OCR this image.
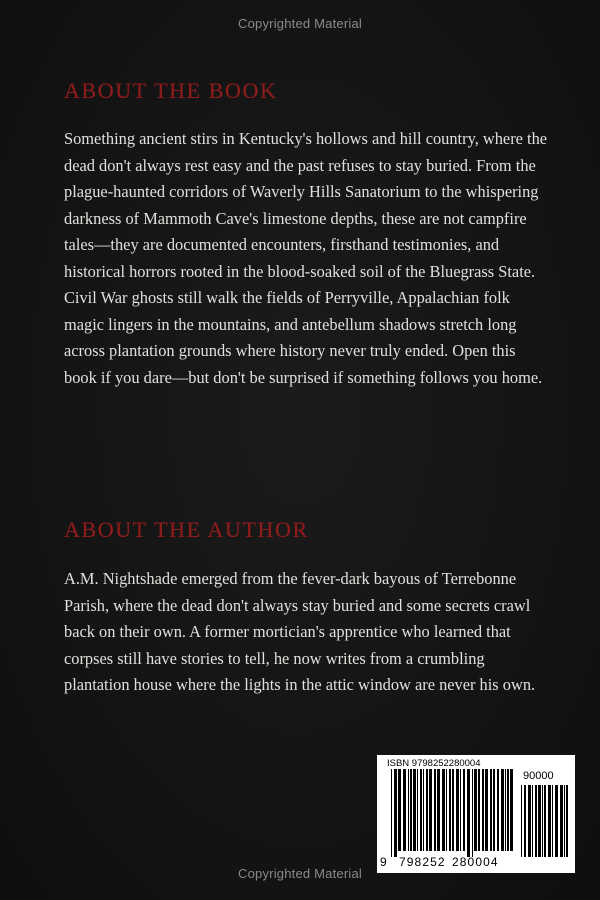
Copyrighted Material
ABOUT THE BOOK

Something ancient stirs in Kentucky's hollows and hill country, where the dead don't always rest easy and the past refuses to stay buried. From the plague-haunted corridors of Waverly Hills Sanatorium to the whispering darkness of Mammoth Cave's limestone depths, these are not campfire tales—they are documented encounters, firsthand testimonies, and historical horrors rooted in the blood-soaked soil of the Bluegrass State. Civil War ghosts still walk the fields of Perryville, Appalachian folk magic lingers in the mountains, and antebellum shadows stretch long across plantation grounds where history never truly ended. Open this book if you dare—but don't be surprised if something follows you home.

ABOUT THE AUTHOR

A.M. Nightshade emerged from the fever-dark bayous of Terrebonne Parish, where the dead don't always stay buried and some secrets crawl back on their own. A former mortician's apprentice who learned that corpses still have stories to tell, he now writes from a crumbling plantation house where the lights in the attic window are never his own.

ISBN 9798252280004
90000
9 798252 280004
Copyrighted Material
